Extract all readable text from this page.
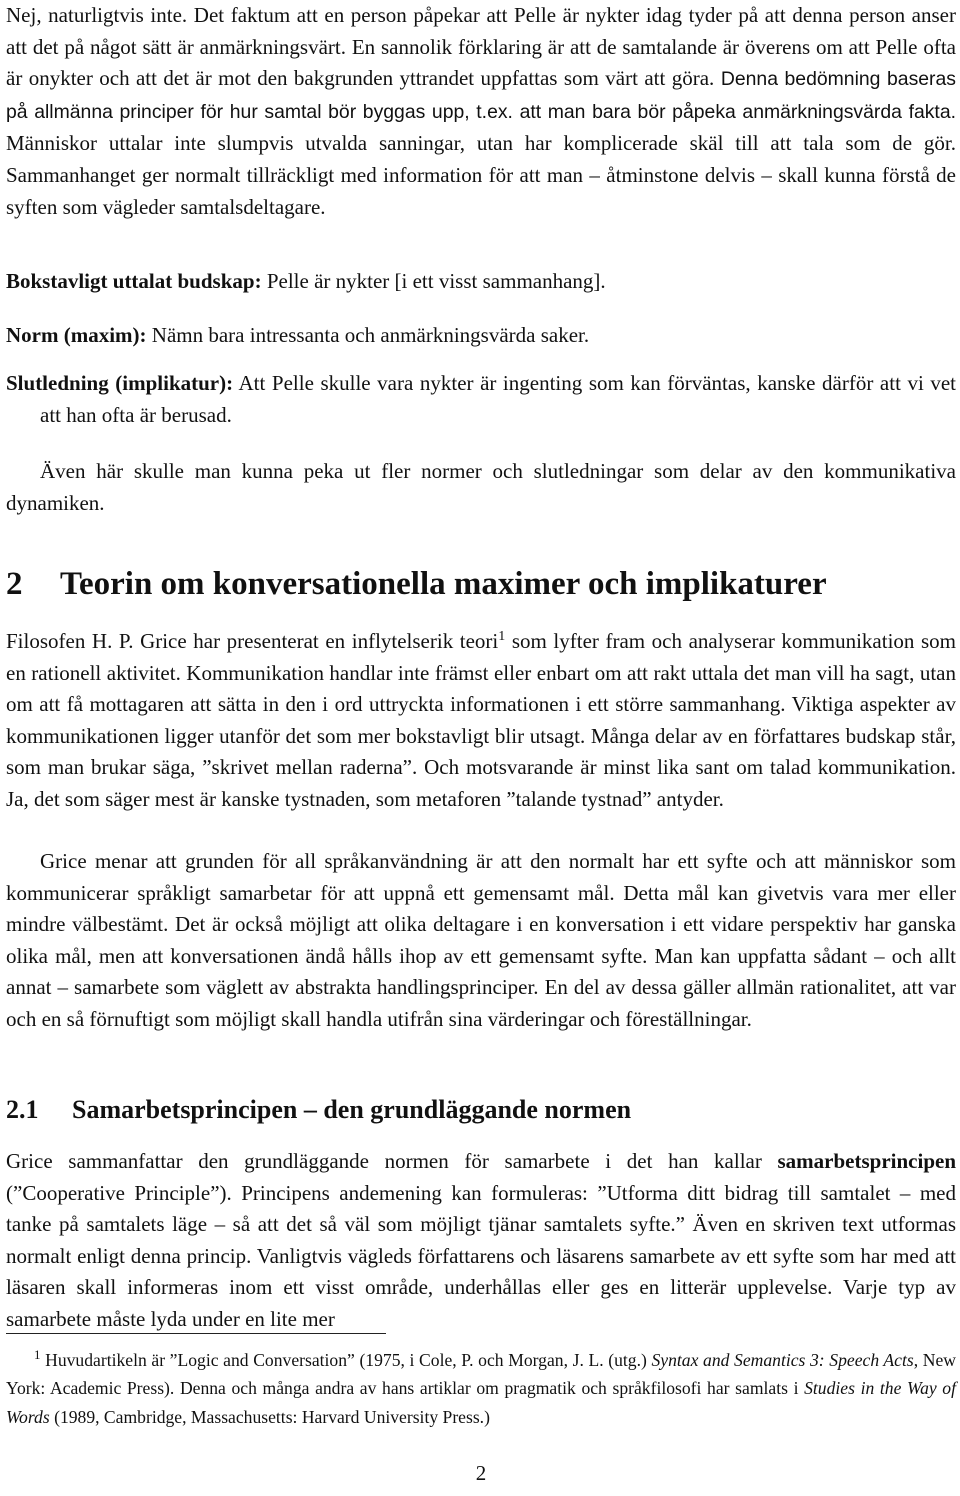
Nej, naturligtvis inte. Det faktum att en person påpekar att Pelle är nykter idag tyder på att denna person anser att det på något sätt är anmärkningsvärt. En sannolik förklaring är att de samtalande är överens om att Pelle ofta är onykter och att det är mot den bakgrunden yttrandet uppfattas som värt att göra. Denna bedömning baseras på allmänna principer för hur samtal bör byggas upp, t.ex. att man bara bör påpeka anmärkningsvärda fakta. Människor uttalar inte slumpvis utvalda sanningar, utan har komplicerade skäl till att tala som de gör. Sammanhanget ger normalt tillräckligt med information för att man – åtminstone delvis – skall kunna förstå de syften som vägleder samtalsdeltagare.

Bokstavligt uttalat budskap: Pelle är nykter [i ett visst sammanhang].

Norm (maxim): Nämn bara intressanta och anmärkningsvärda saker.

Slutledning (implikatur): Att Pelle skulle vara nykter är ingenting som kan förväntas, kanske därför att vi vet att han ofta är berusad.

Även här skulle man kunna peka ut fler normer och slutledningar som delar av den kommunikativa dynamiken.

2 Teorin om konversationella maximer och implikaturer

Filosofen H. P. Grice har presenterat en inflytelserik teori$^1$ som lyfter fram och analyserar kommunikation som en rationell aktivitet. Kommunikation handlar inte främst eller enbart om att rakt uttala det man vill ha sagt, utan om att få mottagaren att sätta in den i ord uttryckta informationen i ett större sammanhang. Viktiga aspekter av kommunikationen ligger utanför det som mer bokstavligt blir utsagt. Många delar av en författares budskap står, som man brukar säga, ”skrivet mellan raderna”. Och motsvarande är minst lika sant om talad kommunikation. Ja, det som säger mest är kanske tystnaden, som metaforen ”talande tystnad” antyder.

Grice menar att grunden för all språkanvändning är att den normalt har ett syfte och att människor som kommunicerar språkligt samarbetar för att uppnå ett gemensamt mål. Detta mål kan givetvis vara mer eller mindre välbestämt. Det är också möjligt att olika deltagare i en konversation i ett vidare perspektiv har ganska olika mål, men att konversationen ändå hålls ihop av ett gemensamt syfte. Man kan uppfatta sådant – och allt annat – samarbete som väglett av abstrakta handlingsprinciper. En del av dessa gäller allmän rationalitet, att var och en så förnuftigt som möjligt skall handla utifrån sina värderingar och föreställningar.

2.1 Samarbetsprincipen – den grundläggande normen

Grice sammanfattar den grundläggande normen för samarbete i det han kallar samarbetsprincipen (”Cooperative Principle”). Principens andemening kan formuleras: ”Utforma ditt bidrag till samtalet – med tanke på samtalets läge – så att det så väl som möjligt tjänar samtalets syfte.” Även en skriven text utformas normalt enligt denna princip. Vanligtvis vägleds författarens och läsarens samarbete av ett syfte som har med att läsaren skall informeras inom ett visst område, underhållas eller ges en litterär upplevelse. Varje typ av samarbete måste lyda under en lite mer

1 Huvudartikeln är ”Logic and Conversation” (1975, i Cole, P. och Morgan, J. L. (utg.) Syntax and Semantics 3: Speech Acts, New York: Academic Press). Denna och många andra av hans artiklar om pragmatik och språkfilosofi har samlats i Studies in the Way of Words (1989, Cambridge, Massachusetts: Harvard University Press.)
2
